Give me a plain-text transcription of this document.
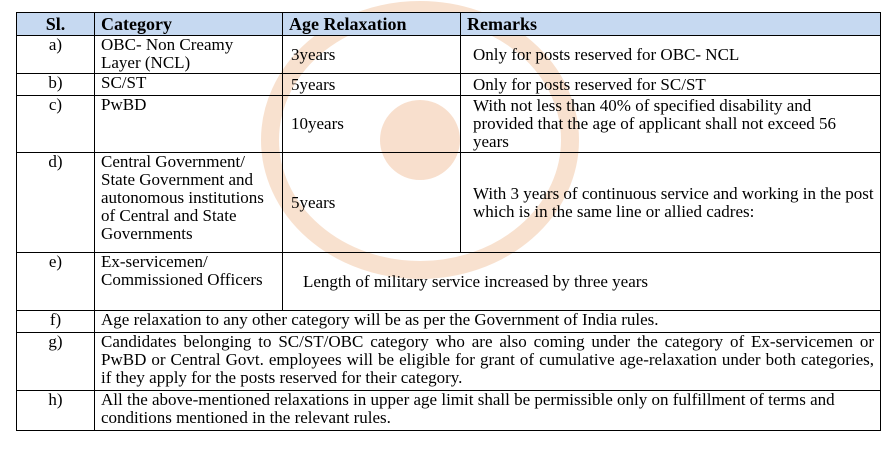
Sl.	Category	Age Relaxation	Remarks
a)	OBC- Non Creamy Layer (NCL)	3years	Only for posts reserved for OBC- NCL
b)	SC/ST	5years	Only for posts reserved for SC/ST
c)	PwBD	10years	With not less than 40% of specified disability and provided that the age of applicant shall not exceed 56 years
d)	Central Government/ State Government and autonomous institutions of Central and State Governments	5years	With 3 years of continuous service and working in the post which is in the same line or allied cadres:
e)	Ex-servicemen/ Commissioned Officers	Length of military service increased by three years	
f)	Age relaxation to any other category will be as per the Government of India rules.		
g)	Candidates belonging to SC/ST/OBC category who are also coming under the category of Ex-servicemen or PwBD or Central Govt. employees will be eligible for grant of cumulative age-relaxation under both categories, if they apply for the posts reserved for their category.		
h)	All the above-mentioned relaxations in upper age limit shall be permissible only on fulfillment of terms and conditions mentioned in the relevant rules.		
